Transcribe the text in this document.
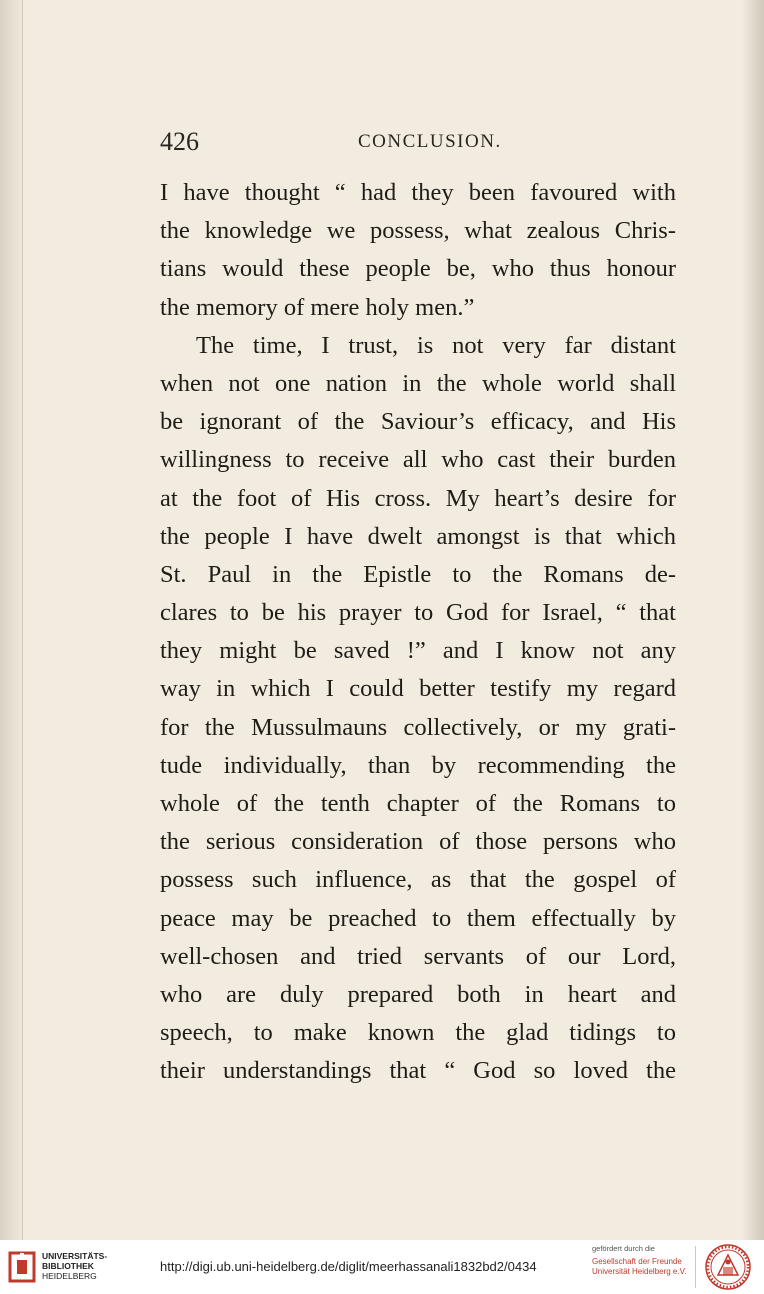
426	CONCLUSION.
I have thought “ had they been favoured with
the knowledge we possess, what zealous Chris-
tians would these people be, who thus honour
the memory of mere holy men.”
The time, I trust, is not very far distant
when not one nation in the whole world shall
be ignorant of the Saviour’s efficacy, and His
willingness to receive all who cast their burden
at the foot of His cross. My heart’s desire for
the people I have dwelt amongst is that which
St. Paul in the Epistle to the Romans de-
clares to be his prayer to God for Israel, “ that
they might be saved !” and I know not any
way in which I could better testify my regard
for the Mussulmauns collectively, or my grati-
tude individually, than by recommending the
whole of the tenth chapter of the Romans to
the serious consideration of those persons who
possess such influence, as that the gospel of
peace may be preached to them effectually by
well-chosen and tried servants of our Lord,
who are duly prepared both in heart and
speech, to make known the glad tidings to
their understandings that “ God so loved the
UNIVERSITÄTS-
BIBLIOTHEK
HEIDELBERG
http://digi.ub.uni-heidelberg.de/diglit/meerhassanali1832bd2/0434
gefördert durch die
Gesellschaft der Freunde
Universität Heidelberg e.V.
